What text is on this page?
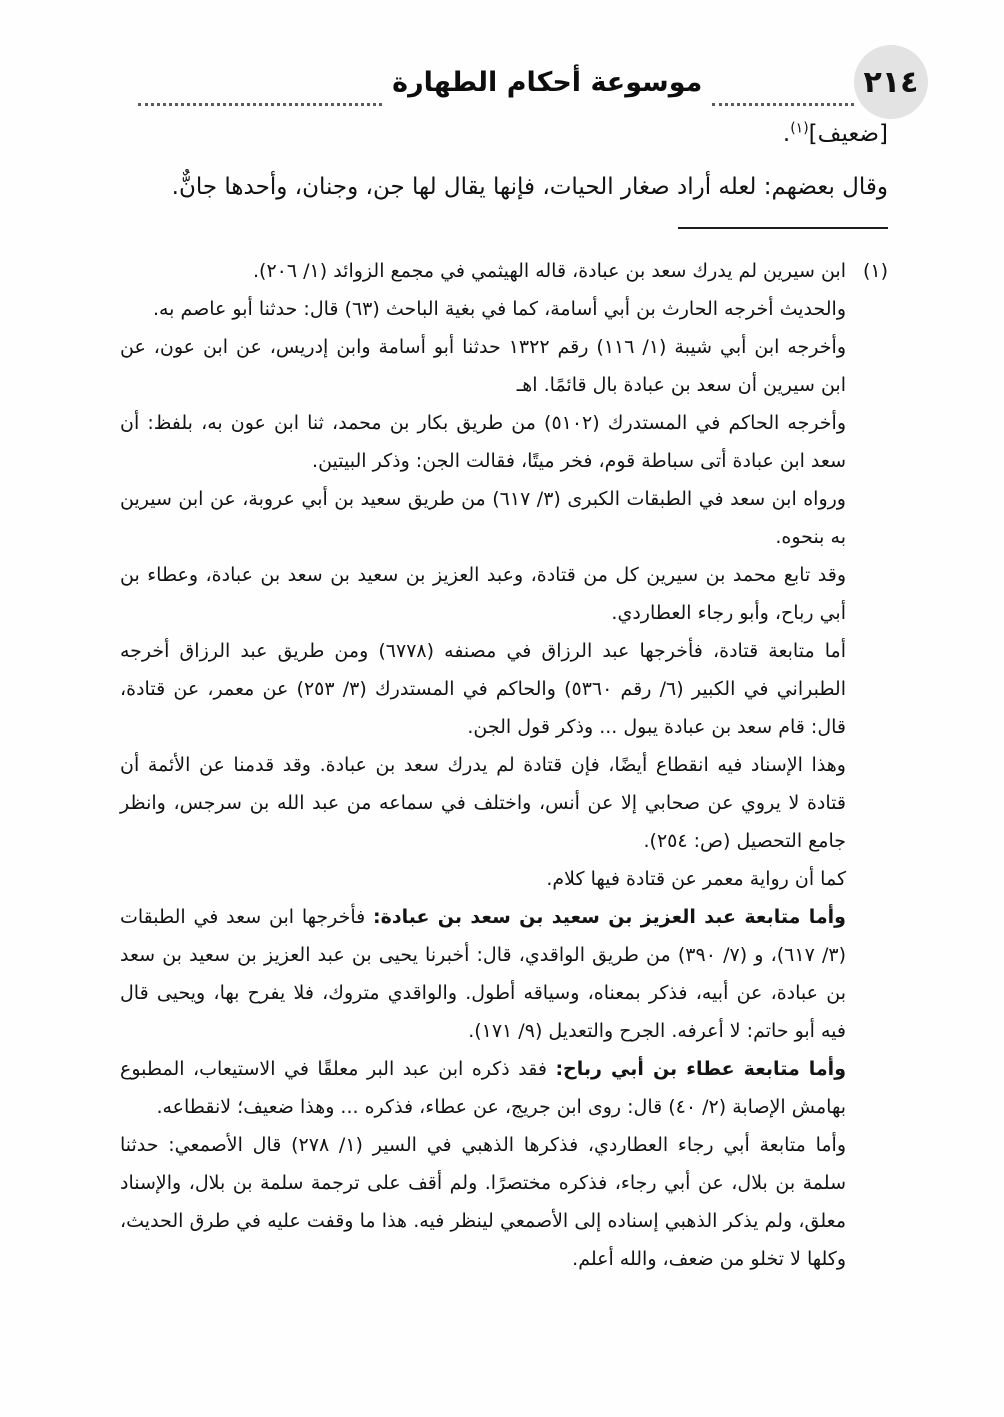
٢١٤
موسوعة أحكام الطهارة

[ضعيف]$^{(١)}$.

وقال بعضهم: لعله أراد صغار الحيات، فإنها يقال لها جن، وجنان، وأحدها جانٌّ.

(١)

ابن سيرين لم يدرك سعد بن عبادة، قاله الهيثمي في مجمع الزوائد (١/ ٢٠٦).

والحديث أخرجه الحارث بن أبي أسامة، كما في بغية الباحث (٦٣) قال: حدثنا أبو عاصم به.

وأخرجه ابن أبي شيبة (١/ ١١٦) رقم ١٣٢٢ حدثنا أبو أسامة وابن إدريس، عن ابن عون، عن ابن سيرين أن سعد بن عبادة بال قائمًا. اهـ

وأخرجه الحاكم في المستدرك (٥١٠٢) من طريق بكار بن محمد، ثنا ابن عون به، بلفظ: أن سعد ابن عبادة أتى سباطة قوم، فخر ميتًا، فقالت الجن: وذكر البيتين.

ورواه ابن سعد في الطبقات الكبرى (٣/ ٦١٧) من طريق سعيد بن أبي عروبة، عن ابن سيرين به بنحوه.

وقد تابع محمد بن سيرين كل من قتادة، وعبد العزيز بن سعيد بن سعد بن عبادة، وعطاء بن أبي رباح، وأبو رجاء العطاردي.

أما متابعة قتادة، فأخرجها عبد الرزاق في مصنفه (٦٧٧٨) ومن طريق عبد الرزاق أخرجه الطبراني في الكبير (٦/ رقم ٥٣٦٠) والحاكم في المستدرك (٣/ ٢٥٣) عن معمر، عن قتادة، قال: قام سعد بن عبادة يبول ... وذكر قول الجن.

وهذا الإسناد فيه انقطاع أيضًا، فإن قتادة لم يدرك سعد بن عبادة. وقد قدمنا عن الأئمة أن قتادة لا يروي عن صحابي إلا عن أنس، واختلف في سماعه من عبد الله بن سرجس، وانظر جامع التحصيل (ص: ٢٥٤).

كما أن رواية معمر عن قتادة فيها كلام.

وأما متابعة عبد العزيز بن سعيد بن سعد بن عبادة: فأخرجها ابن سعد في الطبقات (٣/ ٦١٧)، و (٧/ ٣٩٠) من طريق الواقدي، قال: أخبرنا يحيى بن عبد العزيز بن سعيد بن سعد بن عبادة، عن أبيه، فذكر بمعناه، وسياقه أطول. والواقدي متروك، فلا يفرح بها، ويحيى قال فيه أبو حاتم: لا أعرفه. الجرح والتعديل (٩/ ١٧١).

وأما متابعة عطاء بن أبي رباح: فقد ذكره ابن عبد البر معلقًا في الاستيعاب، المطبوع بهامش الإصابة (٢/ ٤٠) قال: روى ابن جريج، عن عطاء، فذكره ... وهذا ضعيف؛ لانقطاعه.

وأما متابعة أبي رجاء العطاردي، فذكرها الذهبي في السير (١/ ٢٧٨) قال الأصمعي: حدثنا سلمة بن بلال، عن أبي رجاء، فذكره مختصرًا. ولم أقف على ترجمة سلمة بن بلال، والإسناد معلق، ولم يذكر الذهبي إسناده إلى الأصمعي لينظر فيه. هذا ما وقفت عليه في طرق الحديث، وكلها لا تخلو من ضعف، والله أعلم.
